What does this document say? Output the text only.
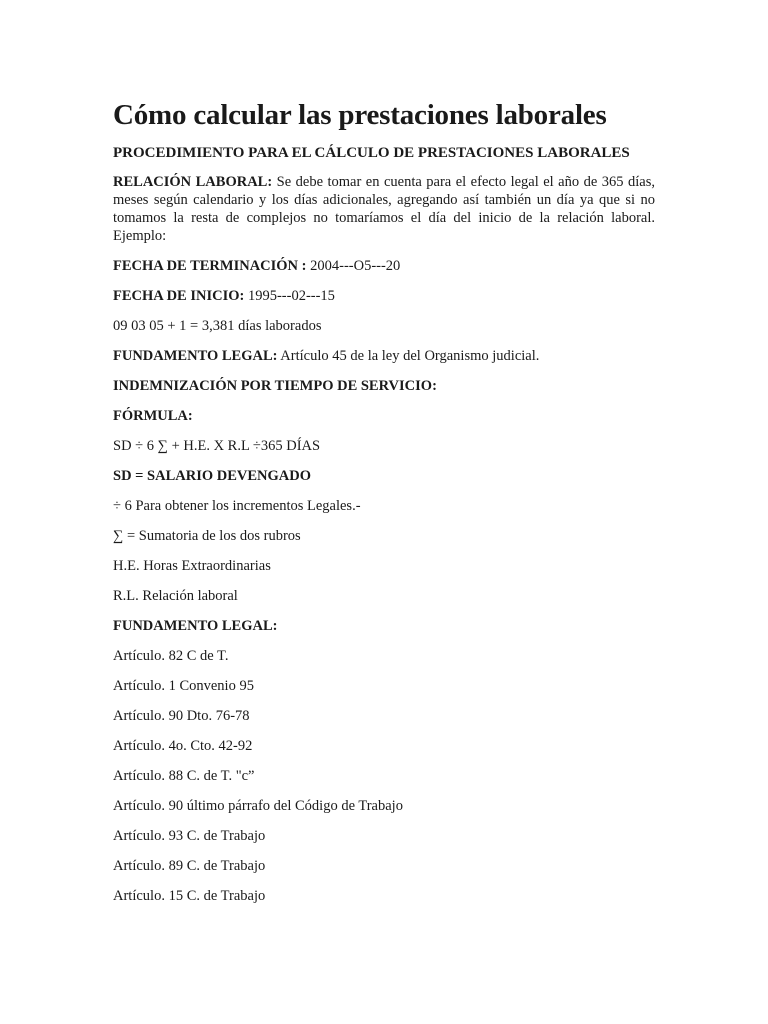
Cómo calcular las prestaciones laborales

PROCEDIMIENTO PARA EL CÁLCULO DE PRESTACIONES LABORALES

RELACIÓN LABORAL: Se debe tomar en cuenta para el efecto legal el año de 365 días, meses según calendario y los días adicionales, agregando así también un día ya que si no tomamos la resta de complejos no tomaríamos el día del inicio de la relación laboral. Ejemplo:

FECHA DE TERMINACIÓN : 2004---O5---20

FECHA DE INICIO: 1995---02---15

09 03 05 + 1 = 3,381 días laborados

FUNDAMENTO LEGAL: Artículo 45 de la ley del Organismo judicial.

INDEMNIZACIÓN POR TIEMPO DE SERVICIO:

FÓRMULA:

SD ÷ 6 ∑ + H.E. X R.L ÷365 DÍAS

SD = SALARIO DEVENGADO

÷ 6 Para obtener los incrementos Legales.-

∑ = Sumatoria de los dos rubros

H.E. Horas Extraordinarias

R.L. Relación laboral

FUNDAMENTO LEGAL:

Artículo. 82 C de T.

Artículo. 1 Convenio 95

Artículo. 90 Dto. 76-78

Artículo. 4o. Cto. 42-92

Artículo. 88 C. de T. "c”

Artículo. 90 último párrafo del Código de Trabajo

Artículo. 93 C. de Trabajo

Artículo. 89 C. de Trabajo

Artículo. 15 C. de Trabajo
